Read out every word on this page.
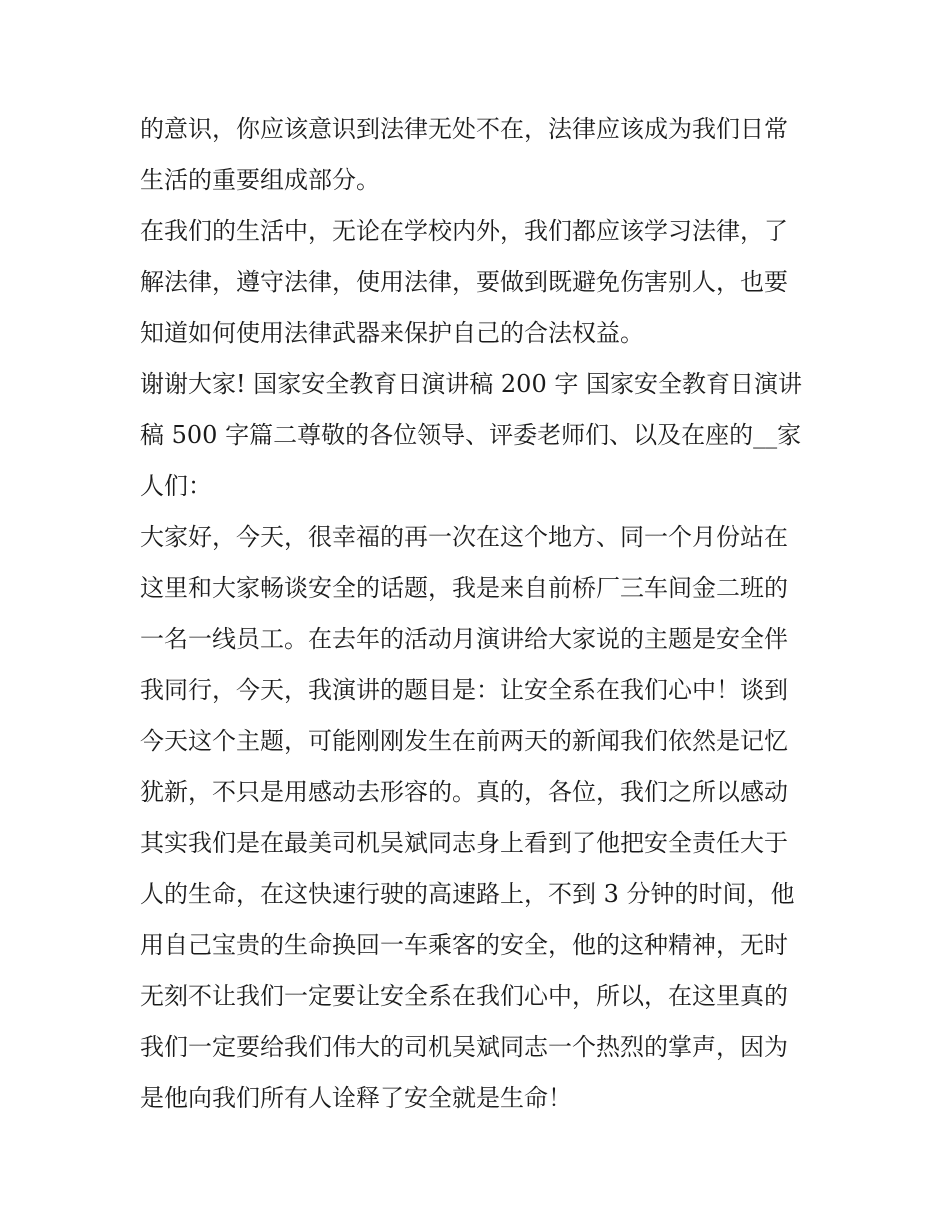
的意识，你应该意识到法律无处不在，法律应该成为我们日常
生活的重要组成部分。
在我们的生活中，无论在学校内外，我们都应该学习法律，了
解法律，遵守法律，使用法律，要做到既避免伤害别人，也要
知道如何使用法律武器来保护自己的合法权益。
谢谢大家! 国家安全教育日演讲稿 200 字 国家安全教育日演讲
稿 500 字篇二尊敬的各位领导、评委老师们、以及在座的__家
人们：
大家好，今天，很幸福的再一次在这个地方、同一个月份站在
这里和大家畅谈安全的话题，我是来自前桥厂三车间金二班的
一名一线员工。在去年的活动月演讲给大家说的主题是安全伴
我同行，今天，我演讲的题目是：让安全系在我们心中！谈到
今天这个主题，可能刚刚发生在前两天的新闻我们依然是记忆
犹新，不只是用感动去形容的。真的，各位，我们之所以感动
其实我们是在最美司机吴斌同志身上看到了他把安全责任大于
人的生命，在这快速行驶的高速路上，不到 3 分钟的时间，他
用自己宝贵的生命换回一车乘客的安全，他的这种精神，无时
无刻不让我们一定要让安全系在我们心中，所以，在这里真的
我们一定要给我们伟大的司机吴斌同志一个热烈的掌声，因为
是他向我们所有人诠释了安全就是生命！
